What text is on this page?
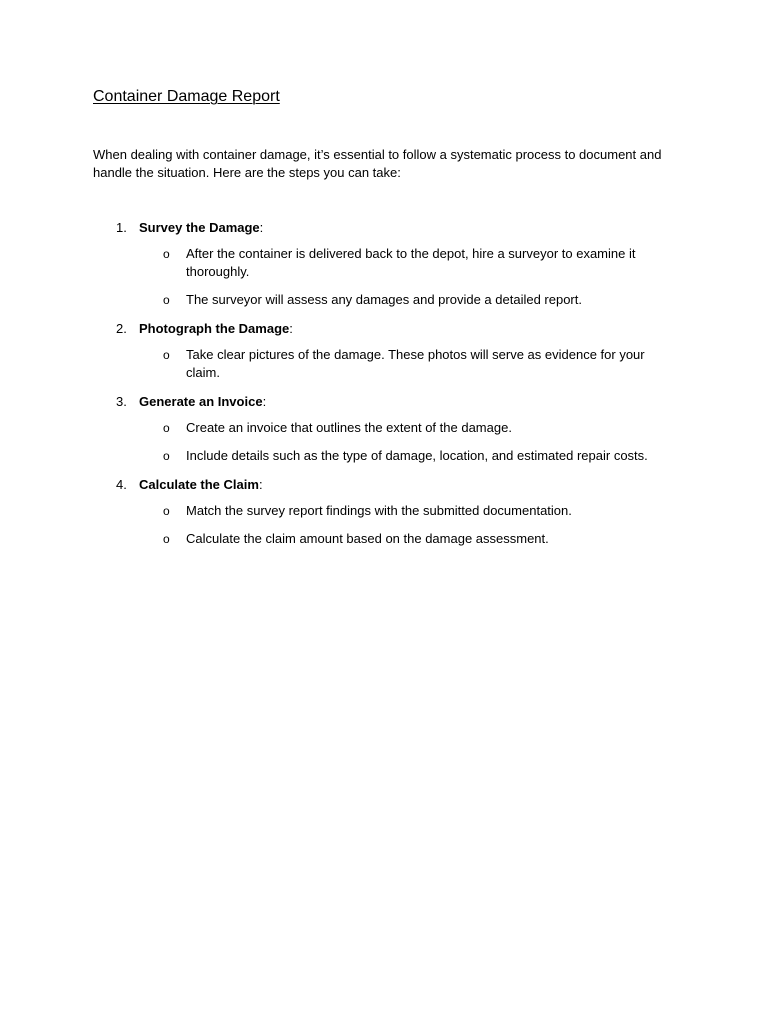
Container Damage Report
When dealing with container damage, it’s essential to follow a systematic process to document and handle the situation. Here are the steps you can take:
1. Survey the Damage:
o After the container is delivered back to the depot, hire a surveyor to examine it thoroughly.
o The surveyor will assess any damages and provide a detailed report.
2. Photograph the Damage:
o Take clear pictures of the damage. These photos will serve as evidence for your claim.
3. Generate an Invoice:
o Create an invoice that outlines the extent of the damage.
o Include details such as the type of damage, location, and estimated repair costs.
4. Calculate the Claim:
o Match the survey report findings with the submitted documentation.
o Calculate the claim amount based on the damage assessment.
